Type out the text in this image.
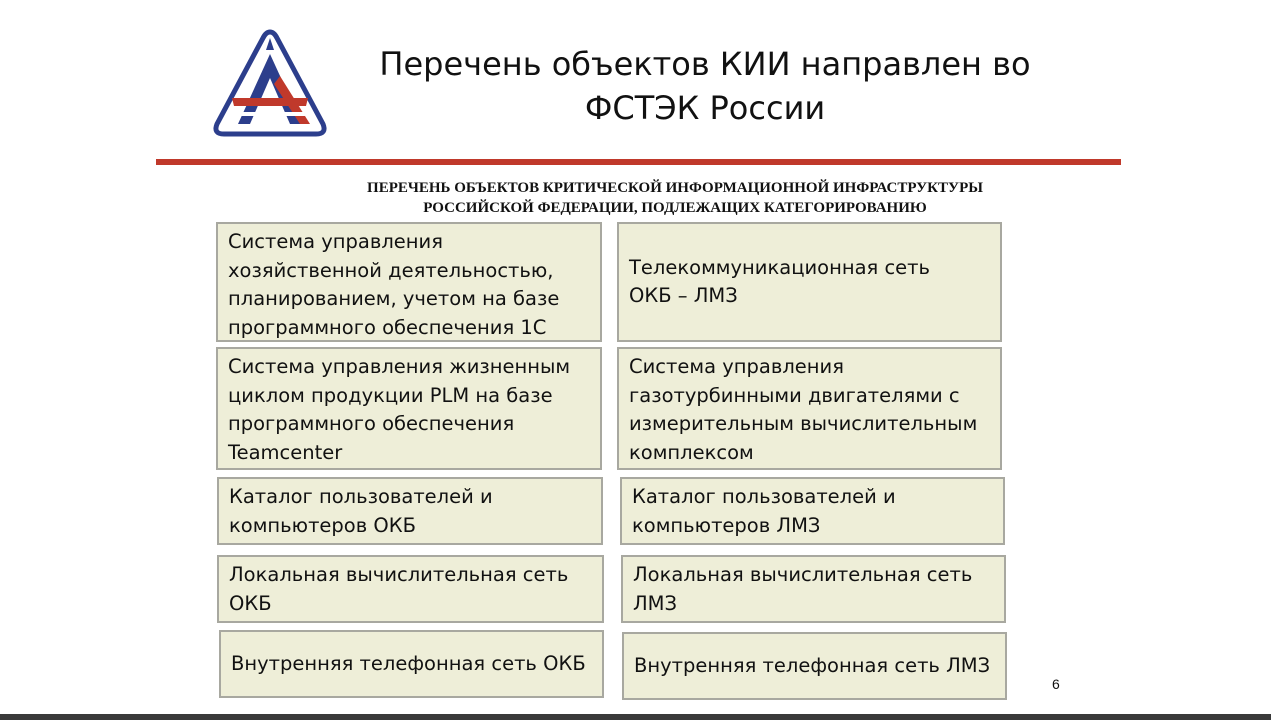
Перечень объектов КИИ направлен во
ФСТЭК России
ПЕРЕЧЕНЬ ОБЪЕКТОВ КРИТИЧЕСКОЙ ИНФОРМАЦИОННОЙ ИНФРАСТРУКТУРЫ
РОССИЙСКОЙ ФЕДЕРАЦИИ, ПОДЛЕЖАЩИХ КАТЕГОРИРОВАНИЮ
Система управления
хозяйственной деятельностью,
планированием, учетом на базе
программного обеспечения 1С
Телекоммуникационная сеть
ОКБ – ЛМЗ
Система управления жизненным
циклом продукции PLM на базе
программного обеспечения
Teamcenter
Система управления
газотурбинными двигателями с
измерительным вычислительным
комплексом
Каталог пользователей и
компьютеров ОКБ
Каталог пользователей и
компьютеров ЛМЗ
Локальная вычислительная сеть
ОКБ
Локальная вычислительная сеть
ЛМЗ
Внутренняя телефонная сеть ОКБ Внутренняя телефонная сеть ЛМЗ
6
